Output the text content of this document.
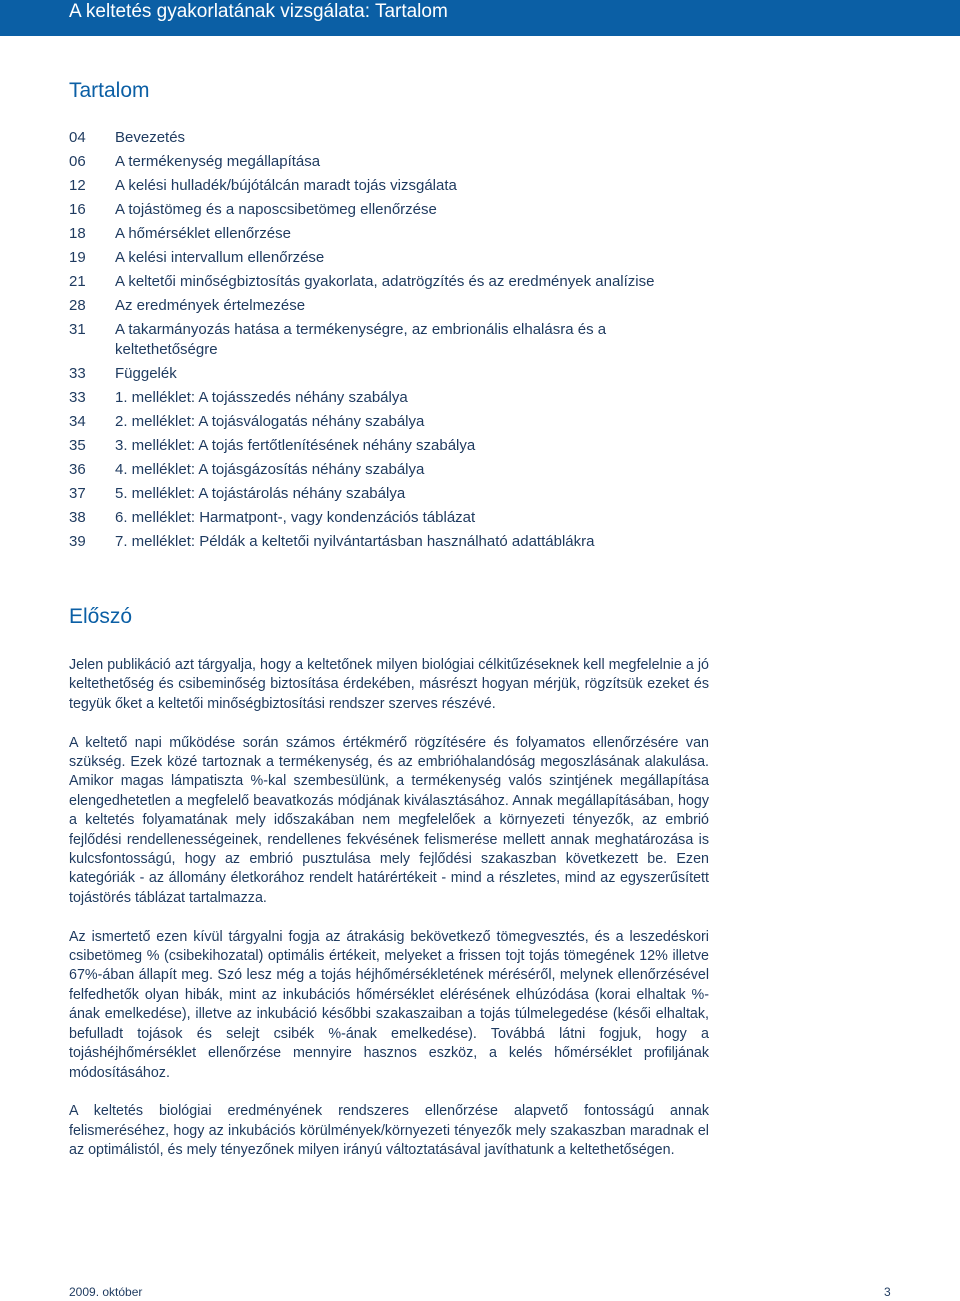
A keltetés gyakorlatának vizsgálata: Tartalom
Tartalom
04	Bevezetés
06	A termékenység megállapítása
12	A kelési hulladék/bújótálcán maradt tojás vizsgálata
16	A tojástömeg és a naposcsibetömeg ellenőrzése
18	A hőmérséklet ellenőrzése
19	A kelési intervallum ellenőrzése
21	A keltetői minőségbiztosítás gyakorlata, adatrögzítés és az eredmények analízise
28	Az eredmények értelmezése
31	A takarmányozás hatása a termékenységre, az embrionális elhalásra és a keltethetőségre
33	Függelék
33	1. melléklet: A tojásszedés néhány szabálya
34	2. melléklet: A tojásválogatás néhány szabálya
35	3. melléklet: A tojás fertőtlenítésének néhány szabálya
36	4. melléklet: A tojásgázosítás néhány szabálya
37	5. melléklet: A tojástárolás néhány szabálya
38	6. melléklet: Harmatpont-, vagy kondenzációs táblázat
39	7. melléklet: Példák a keltetői nyilvántartásban használható adattáblákra
Előszó

Jelen publikáció azt tárgyalja, hogy a keltetőnek milyen biológiai célkitűzéseknek kell megfelelnie a jó keltethetőség és csibeminőség biztosítása érdekében, másrészt hogyan mérjük, rögzítsük ezeket és tegyük őket a keltetői minőségbiztosítási rendszer szerves részévé.

A keltető napi működése során számos értékmérő rögzítésére és folyamatos ellenőrzésére van szükség. Ezek közé tartoznak a termékenység, és az embrióhalandóság megoszlásának alakulása. Amikor magas lámpatiszta %-kal szembesülünk, a termékenység valós szintjének megállapítása elengedhetetlen a megfelelő beavatkozás módjának kiválasztásához. Annak megállapításában, hogy a keltetés folyamatának mely időszakában nem megfelelőek a környezeti tényezők, az embrió fejlődési rendellenességeinek, rendellenes fekvésének felismerése mellett annak meghatározása is kulcsfontosságú, hogy az embrió pusztulása mely fejlődési szakaszban következett be. Ezen kategóriák - az állomány életkorához rendelt határértékeit - mind a részletes, mind az egyszerűsített tojástörés táblázat tartalmazza.

Az ismertető ezen kívül tárgyalni fogja az átrakásig bekövetkező tömegvesztés, és a leszedéskori csibetömeg % (csibekihozatal) optimális értékeit, melyeket a frissen tojt tojás tömegének 12% illetve 67%-ában állapít meg. Szó lesz még a tojás héjhőmérsékletének méréséről, melynek ellenőrzésével felfedhetők olyan hibák, mint az inkubációs hőmérséklet elérésének elhúzódása (korai elhaltak %-ának emelkedése), illetve az inkubáció későbbi szakaszaiban a tojás túlmelegedése (késői elhaltak, befulladt tojások és selejt csibék %-ának emelkedése). Továbbá látni fogjuk, hogy a tojáshéjhőmérséklet ellenőrzése mennyire hasznos eszköz, a kelés hőmérséklet profiljának módosításához.

A keltetés biológiai eredményének rendszeres ellenőrzése alapvető fontosságú annak felismeréséhez, hogy az inkubációs körülmények/környezeti tényezők mely szakaszban maradnak el az optimálistól, és mely tényezőnek milyen irányú változtatásával javíthatunk a keltethetőségen.

2009. október	3
